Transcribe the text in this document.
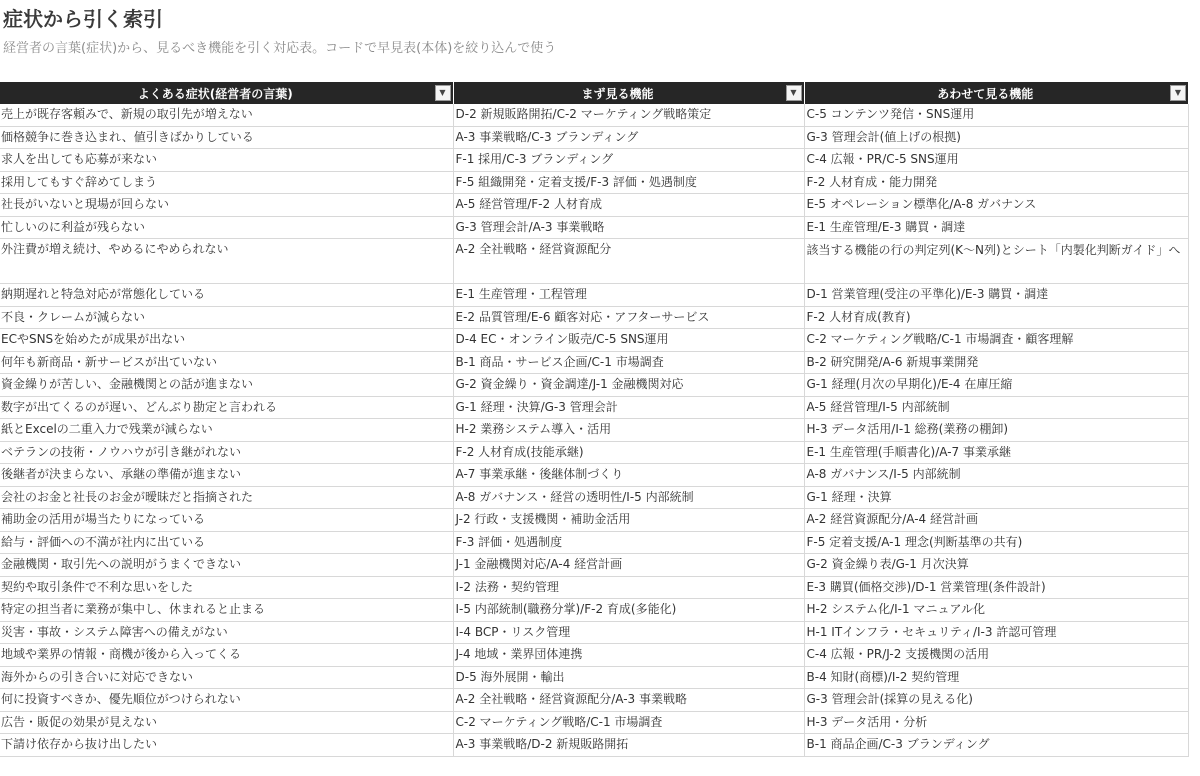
症状から引く索引
経営者の言葉(症状)から、見るべき機能を引く対応表。コードで早見表(本体)を絞り込んで使う
よくある症状(経営者の言葉) ▼	まず見る機能 ▼	あわせて見る機能 ▼

売上が既存客頼みで、新規の取引先が増えない	D-2 新規販路開拓/C-2 マーケティング戦略策定	C-5 コンテンツ発信・SNS運用
価格競争に巻き込まれ、値引きばかりしている	A-3 事業戦略/C-3 ブランディング	G-3 管理会計(値上げの根拠)
求人を出しても応募が来ない	F-1 採用/C-3 ブランディング	C-4 広報・PR/C-5 SNS運用
採用してもすぐ辞めてしまう	F-5 組織開発・定着支援/F-3 評価・処遇制度	F-2 人材育成・能力開発
社長がいないと現場が回らない	A-5 経営管理/F-2 人材育成	E-5 オペレーション標準化/A-8 ガバナンス
忙しいのに利益が残らない	G-3 管理会計/A-3 事業戦略	E-1 生産管理/E-3 購買・調達
外注費が増え続け、やめるにやめられない	A-2 全社戦略・経営資源配分	該当する機能の行の判定列(K〜N列)とシート「内製化判断ガイド」へ
納期遅れと特急対応が常態化している	E-1 生産管理・工程管理	D-1 営業管理(受注の平準化)/E-3 購買・調達
不良・クレームが減らない	E-2 品質管理/E-6 顧客対応・アフターサービス	F-2 人材育成(教育)
ECやSNSを始めたが成果が出ない	D-4 EC・オンライン販売/C-5 SNS運用	C-2 マーケティング戦略/C-1 市場調査・顧客理解
何年も新商品・新サービスが出ていない	B-1 商品・サービス企画/C-1 市場調査	B-2 研究開発/A-6 新規事業開発
資金繰りが苦しい、金融機関との話が進まない	G-2 資金繰り・資金調達/J-1 金融機関対応	G-1 経理(月次の早期化)/E-4 在庫圧縮
数字が出てくるのが遅い、どんぶり勘定と言われる	G-1 経理・決算/G-3 管理会計	A-5 経営管理/I-5 内部統制
紙とExcelの二重入力で残業が減らない	H-2 業務システム導入・活用	H-3 データ活用/I-1 総務(業務の棚卸)
ベテランの技術・ノウハウが引き継がれない	F-2 人材育成(技能承継)	E-1 生産管理(手順書化)/A-7 事業承継
後継者が決まらない、承継の準備が進まない	A-7 事業承継・後継体制づくり	A-8 ガバナンス/I-5 内部統制
会社のお金と社長のお金が曖昧だと指摘された	A-8 ガバナンス・経営の透明性/I-5 内部統制	G-1 経理・決算
補助金の活用が場当たりになっている	J-2 行政・支援機関・補助金活用	A-2 経営資源配分/A-4 経営計画
給与・評価への不満が社内に出ている	F-3 評価・処遇制度	F-5 定着支援/A-1 理念(判断基準の共有)
金融機関・取引先への説明がうまくできない	J-1 金融機関対応/A-4 経営計画	G-2 資金繰り表/G-1 月次決算
契約や取引条件で不利な思いをした	I-2 法務・契約管理	E-3 購買(価格交渉)/D-1 営業管理(条件設計)
特定の担当者に業務が集中し、休まれると止まる	I-5 内部統制(職務分掌)/F-2 育成(多能化)	H-2 システム化/I-1 マニュアル化
災害・事故・システム障害への備えがない	I-4 BCP・リスク管理	H-1 ITインフラ・セキュリティ/I-3 許認可管理
地域や業界の情報・商機が後から入ってくる	J-4 地域・業界団体連携	C-4 広報・PR/J-2 支援機関の活用
海外からの引き合いに対応できない	D-5 海外展開・輸出	B-4 知財(商標)/I-2 契約管理
何に投資すべきか、優先順位がつけられない	A-2 全社戦略・経営資源配分/A-3 事業戦略	G-3 管理会計(採算の見える化)
広告・販促の効果が見えない	C-2 マーケティング戦略/C-1 市場調査	H-3 データ活用・分析
下請け依存から抜け出したい	A-3 事業戦略/D-2 新規販路開拓	B-1 商品企画/C-3 ブランディング
